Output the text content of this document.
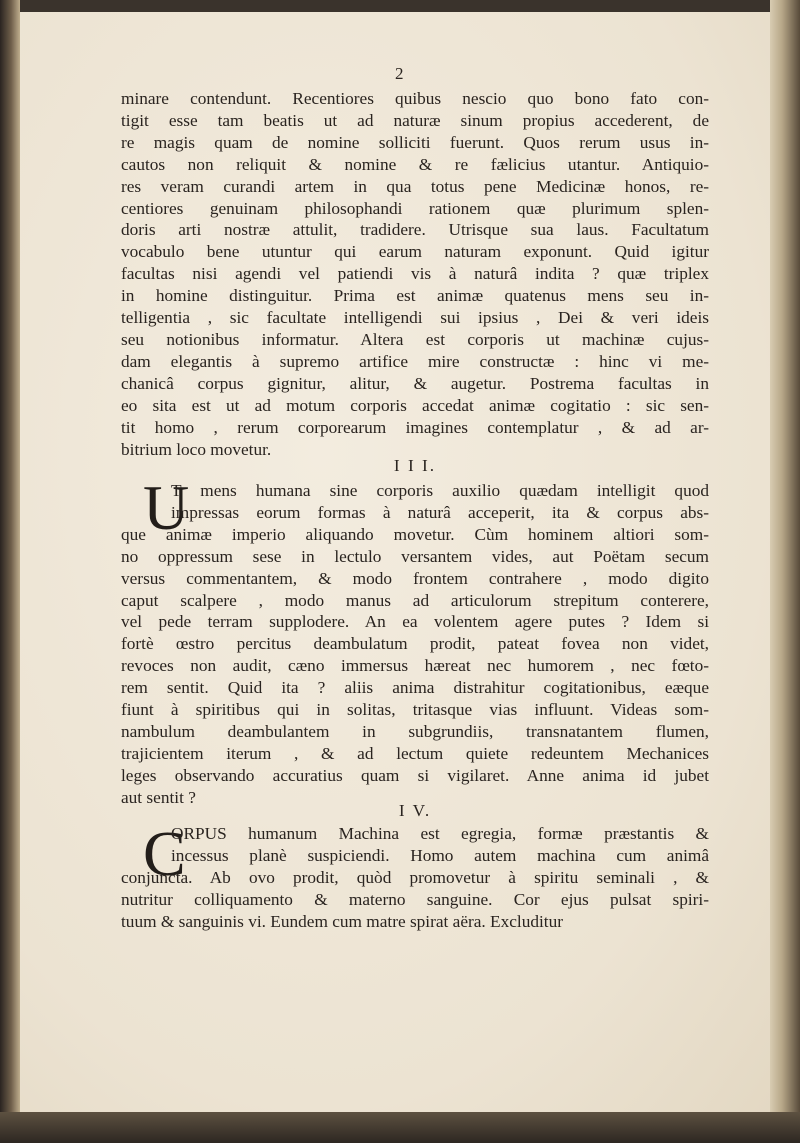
2
minare contendunt. Recentiores quibus nescio quo bono fato con-
tigit esse tam beatis ut ad naturæ sinum propius accederent, de
re magis quam de nomine solliciti fuerunt. Quos rerum usus in-
cautos non reliquit & nomine & re fælicius utantur. Antiquio-
res veram curandi artem in qua totus pene Medicinæ honos, re-
centiores genuinam philosophandi rationem quæ plurimum splen-
doris arti nostræ attulit, tradidere. Utrisque sua laus. Facultatum
vocabulo bene utuntur qui earum naturam exponunt. Quid igitur
facultas nisi agendi vel patiendi vis à naturâ indita ? quæ triplex
in homine distinguitur. Prima est animæ quatenus mens seu in-
telligentia , sic facultate intelligendi sui ipsius , Dei & veri ideis
seu notionibus informatur. Altera est corporis ut machinæ cujus-
dam elegantis à supremo artifice mire constructæ : hinc vi me-
chanicâ corpus gignitur, alitur, & augetur. Postrema facultas in
eo sita est ut ad motum corporis accedat animæ cogitatio : sic sen-
tit homo , rerum corporearum imagines contemplatur , & ad ar-
bitrium loco movetur.
I I I.
U
T mens humana sine corporis auxilio quædam intelligit quod
impressas eorum formas à naturâ acceperit, ita & corpus abs-
que animæ imperio aliquando movetur. Cùm hominem altiori som-
no oppressum sese in lectulo versantem vides, aut Poëtam secum
versus commentantem, & modo frontem contrahere , modo digito
caput scalpere , modo manus ad articulorum strepitum conterere,
vel pede terram supplodere. An ea volentem agere putes ? Idem si
fortè œstro percitus deambulatum prodit, pateat fovea non videt,
revoces non audit, cæno immersus hæreat nec humorem , nec fœto-
rem sentit. Quid ita ? aliis anima distrahitur cogitationibus, eæque
fiunt à spiritibus qui in solitas, tritasque vias influunt. Videas som-
nambulum deambulantem in subgrundiis, transnatantem flumen,
trajicientem iterum , & ad lectum quiete redeuntem Mechanices
leges observando accuratius quam si vigilaret. Anne anima id jubet
aut sentit ?
I V.
C
ORPUS humanum Machina est egregia, formæ præstantis &
incessus planè suspiciendi. Homo autem machina cum animâ
conjuncta. Ab ovo prodit, quòd promovetur à spiritu seminali , &
nutritur colliquamento & materno sanguine. Cor ejus pulsat spiri-
tuum & sanguinis vi. Eundem cum matre spirat aëra. Excluditur
